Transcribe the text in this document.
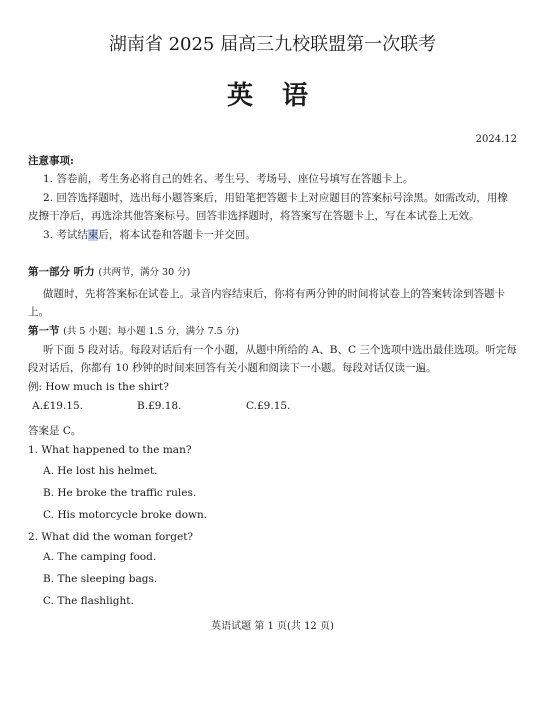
湖南省 2025 届高三九校联盟第一次联考
英 语
2024.12
注意事项:
1. 答卷前，考生务必将自己的姓名、考生号、考场号、座位号填写在答题卡上。
2. 回答选择题时，选出每小题答案后，用铅笔把答题卡上对应题目的答案标号涂黑。如需改动，用橡
皮擦干净后，再选涂其他答案标号。回答非选择题时，将答案写在答题卡上，写在本试卷上无效。
3. 考试结束后，将本试卷和答题卡一并交回。
第一部分 听力 (共两节，满分 30 分)
做题时，先将答案标在试卷上。录音内容结束后，你将有两分钟的时间将试卷上的答案转涂到答题卡
上。
第一节 (共 5 小题；每小题 1.5 分，满分 7.5 分)
听下面 5 段对话。每段对话后有一个小题，从题中所给的 A、B、C 三个选项中选出最佳选项。听完每
段对话后，你都有 10 秒钟的时间来回答有关小题和阅读下一小题。每段对话仅读一遍。
例: How much is the shirt?
A.£19.15.	B.£9.18.	C.£9.15.
答案是 C。
1. What happened to the man?
A. He lost his helmet.
B. He broke the traffic rules.
C. His motorcycle broke down.
2. What did the woman forget?
A. The camping food.
B. The sleeping bags.
C. The flashlight.
英语试题 第 1 页(共 12 页)
